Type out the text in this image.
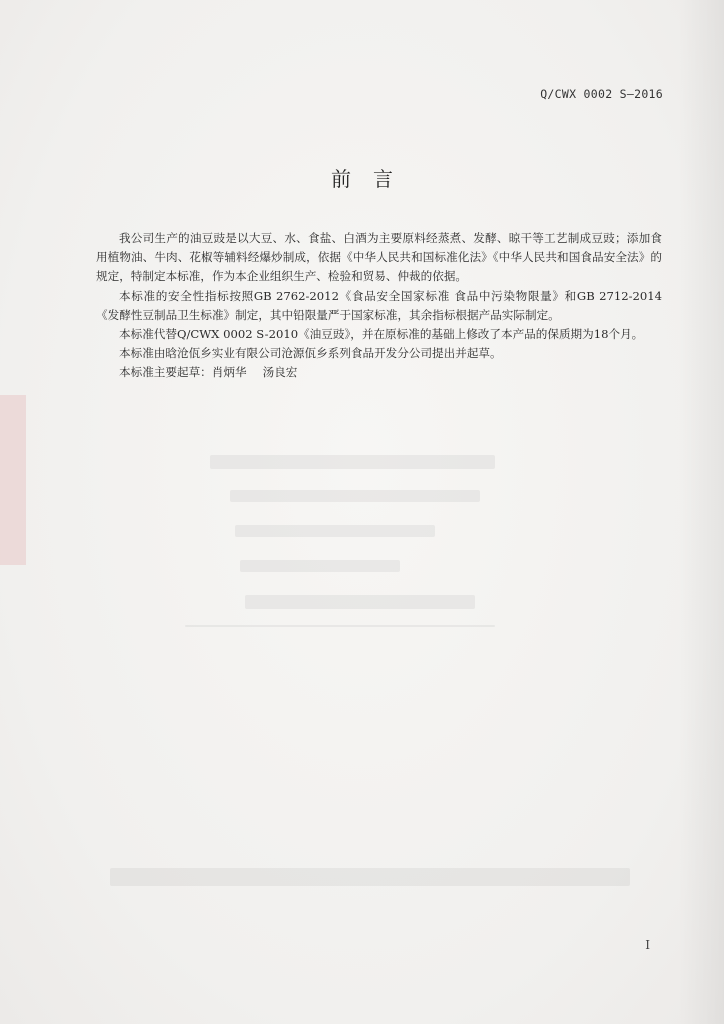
Q/CWX 0002 S—2016
前言

我公司生产的油豆豉是以大豆、水、食盐、白酒为主要原料经蒸煮、发酵、晾干等工艺制成豆豉；添加食用植物油、牛肉、花椒等辅料经爆炒制成，依据《中华人民共和国标准化法》《中华人民共和国食品安全法》的规定，特制定本标准，作为本企业组织生产、检验和贸易、仲裁的依据。

本标准的安全性指标按照GB 2762-2012《食品安全国家标准 食品中污染物限量》和GB 2712-2014《发酵性豆制品卫生标准》制定，其中铅限量严于国家标准，其余指标根据产品实际制定。

本标准代替Q/CWX 0002 S-2010《油豆豉》，并在原标准的基础上修改了本产品的保质期为18个月。

本标准由晗沧佤乡实业有限公司沧源佤乡系列食品开发分公司提出并起草。

本标准主要起草：肖炳华 汤良宏

I
